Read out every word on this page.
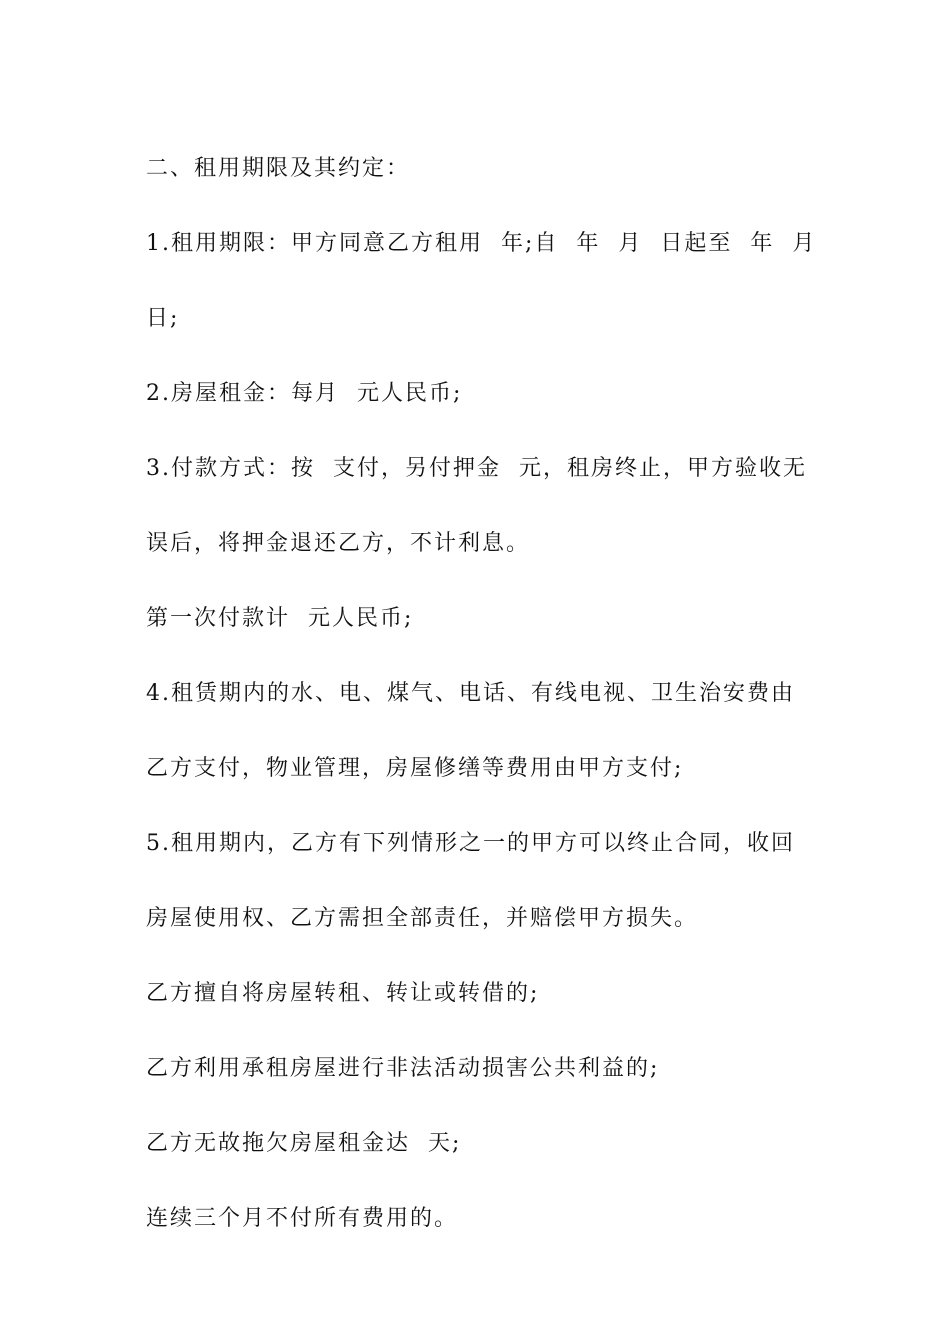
二、租用期限及其约定：

1.租用期限：甲方同意乙方租用  年;自  年  月  日起至  年  月

日;

2.房屋租金：每月  元人民币;

3.付款方式：按  支付，另付押金  元，租房终止，甲方验收无

误后，将押金退还乙方，不计利息。

第一次付款计  元人民币;

4.租赁期内的水、电、煤气、电话、有线电视、卫生治安费由

乙方支付，物业管理，房屋修缮等费用由甲方支付;

5.租用期内，乙方有下列情形之一的甲方可以终止合同，收回

房屋使用权、乙方需担全部责任，并赔偿甲方损失。

乙方擅自将房屋转租、转让或转借的;

乙方利用承租房屋进行非法活动损害公共利益的;

乙方无故拖欠房屋租金达  天;

连续三个月不付所有费用的。
